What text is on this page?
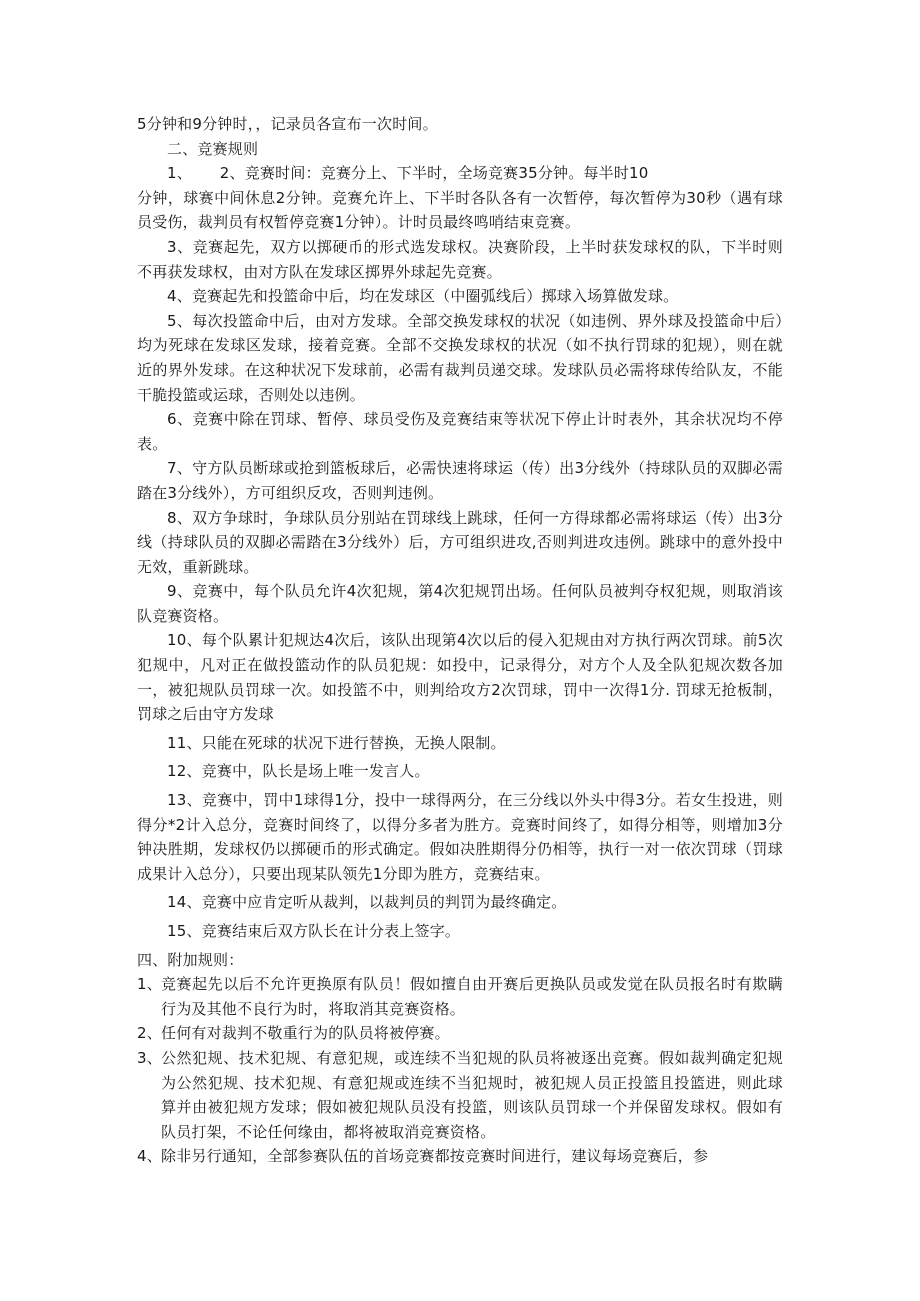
5分钟和9分钟时，，记录员各宣布一次时间。

二、竞赛规则

1、　　 2、竞赛时间：竞赛分上、下半时，全场竞赛35分钟。每半时10

分钟，球赛中间休息2分钟。竞赛允许上、下半时各队各有一次暂停，每次暂停为30秒（遇有球员受伤，裁判员有权暂停竞赛1分钟）。计时员最终鸣哨结束竞赛。

3、竞赛起先，双方以掷硬币的形式选发球权。决赛阶段，上半时获发球权的队，下半时则不再获发球权，由对方队在发球区掷界外球起先竞赛。

4、竞赛起先和投篮命中后，均在发球区（中圈弧线后）掷球入场算做发球。

5、每次投篮命中后，由对方发球。全部交换发球权的状况（如违例、界外球及投篮命中后）均为死球在发球区发球，接着竞赛。全部不交换发球权的状况（如不执行罚球的犯规），则在就近的界外发球。在这种状况下发球前，必需有裁判员递交球。发球队员必需将球传给队友，不能干脆投篮或运球，否则处以违例。

6、竞赛中除在罚球、暂停、球员受伤及竞赛结束等状况下停止计时表外，其余状况均不停表。

7、守方队员断球或抢到篮板球后，必需快速将球运（传）出3分线外（持球队员的双脚必需踏在3分线外），方可组织反攻，否则判违例。

8、双方争球时，争球队员分别站在罚球线上跳球，任何一方得球都必需将球运（传）出3分线（持球队员的双脚必需踏在3分线外）后，方可组织进攻,否则判进攻违例。跳球中的意外投中无效，重新跳球。

9、竞赛中，每个队员允许4次犯规，第4次犯规罚出场。任何队员被判夺权犯规，则取消该队竞赛资格。

10、每个队累计犯规达4次后，该队出现第4次以后的侵入犯规由对方执行两次罚球。前5次犯规中，凡对正在做投篮动作的队员犯规：如投中，记录得分，对方个人及全队犯规次数各加一，被犯规队员罚球一次。如投篮不中，则判给攻方2次罚球，罚中一次得1分. 罚球无抢板制，罚球之后由守方发球

11、只能在死球的状况下进行替换，无换人限制。

12、竞赛中，队长是场上唯一发言人。

13、竞赛中，罚中1球得1分，投中一球得两分，在三分线以外头中得3分。若女生投进，则得分*2计入总分，竞赛时间终了，以得分多者为胜方。竞赛时间终了，如得分相等，则增加3分钟决胜期，发球权仍以掷硬币的形式确定。假如决胜期得分仍相等，执行一对一依次罚球（罚球成果计入总分），只要出现某队领先1分即为胜方，竞赛结束。

14、竞赛中应肯定听从裁判，以裁判员的判罚为最终确定。

15、竞赛结束后双方队长在计分表上签字。

四、附加规则：

1、 竞赛起先以后不允许更换原有队员！假如擅自由开赛后更换队员或发觉在队员报名时有欺瞒行为及其他不良行为时，将取消其竞赛资格。
2、 任何有对裁判不敬重行为的队员将被停赛。
3、 公然犯规、技术犯规、有意犯规，或连续不当犯规的队员将被逐出竞赛。假如裁判确定犯规为公然犯规、技术犯规、有意犯规或连续不当犯规时，被犯规人员正投篮且投篮进，则此球算并由被犯规方发球；假如被犯规队员没有投篮，则该队员罚球一个并保留发球权。假如有队员打架，不论任何缘由，都将被取消竞赛资格。
4、 除非另行通知，全部参赛队伍的首场竞赛都按竞赛时间进行，建议每场竞赛后，参
